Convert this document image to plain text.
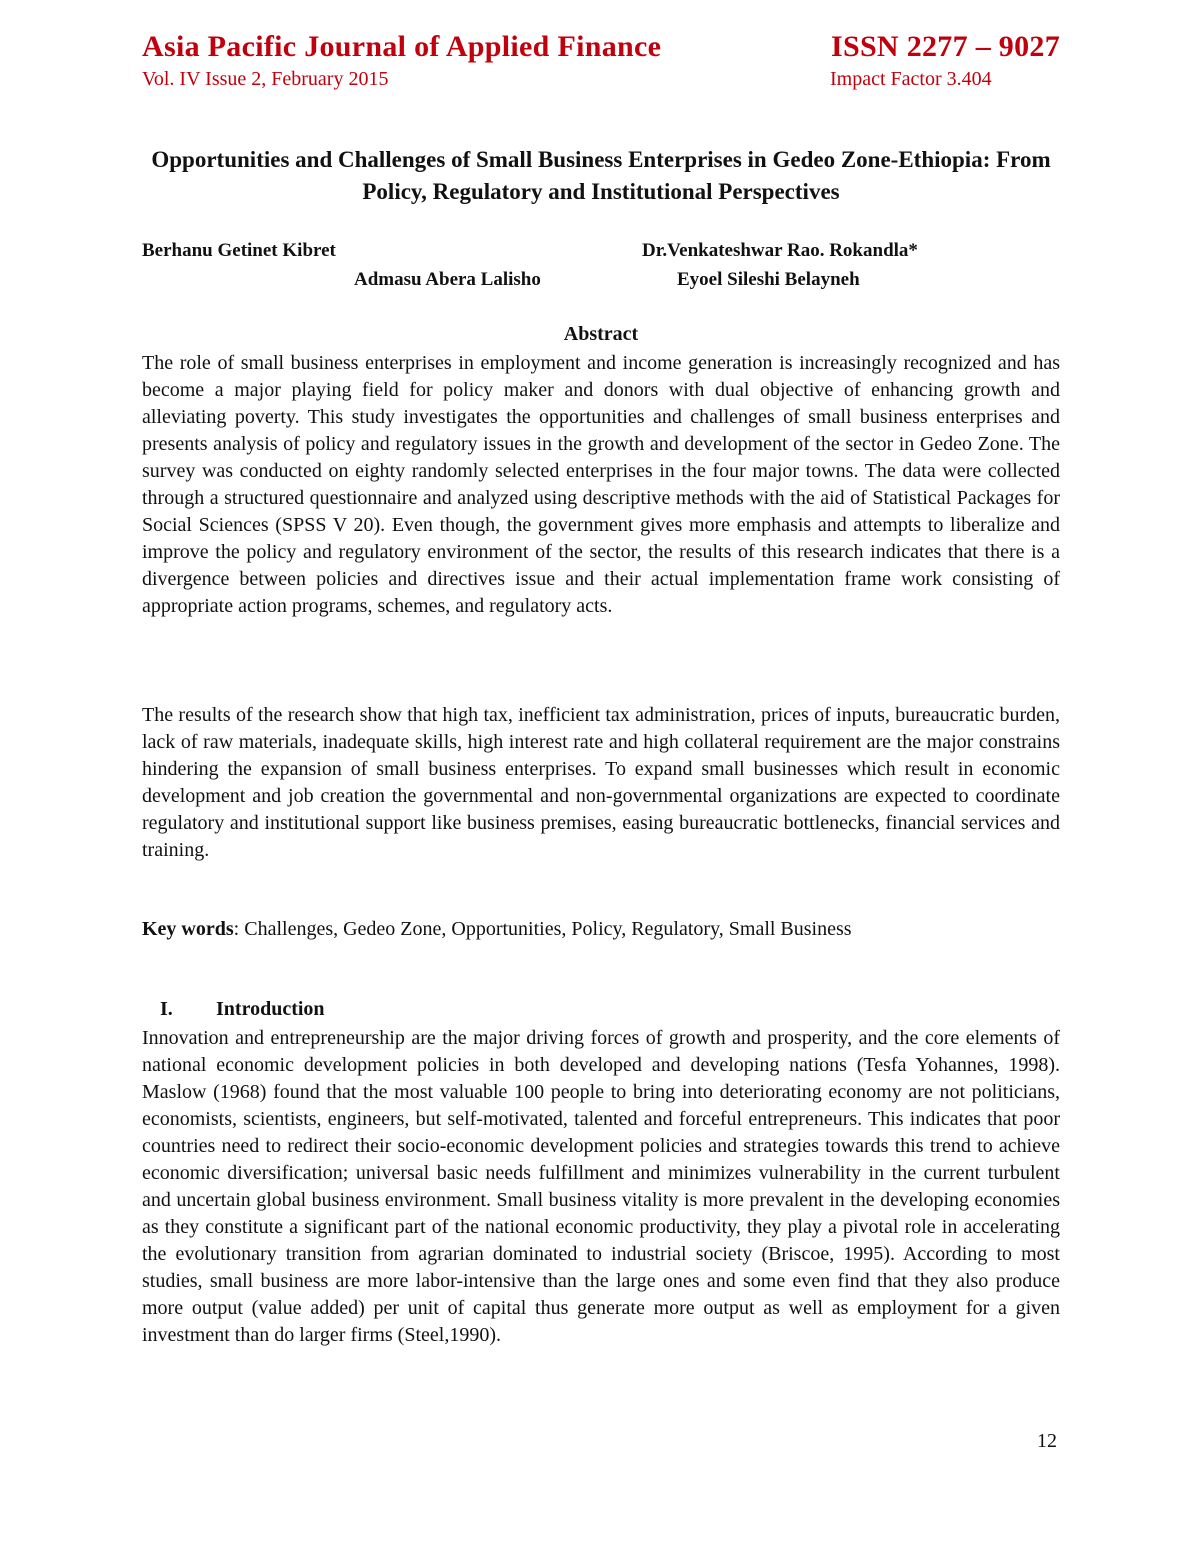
Asia Pacific Journal of Applied Finance	ISSN 2277 – 9027
Vol. IV Issue 2, February 2015	Impact Factor 3.404
Opportunities and Challenges of Small Business Enterprises in Gedeo Zone-Ethiopia: From Policy, Regulatory and Institutional Perspectives
Berhanu Getinet Kibret	Dr.Venkateshwar Rao. Rokandla*
Admasu Abera Lalisho	Eyoel Sileshi Belayneh
Abstract

The role of small business enterprises in employment and income generation is increasingly recognized and has become a major playing field for policy maker and donors with dual objective of enhancing growth and alleviating poverty. This study investigates the opportunities and challenges of small business enterprises and presents analysis of policy and regulatory issues in the growth and development of the sector in Gedeo Zone. The survey was conducted on eighty randomly selected enterprises in the four major towns. The data were collected through a structured questionnaire and analyzed using descriptive methods with the aid of Statistical Packages for Social Sciences (SPSS V 20). Even though, the government gives more emphasis and attempts to liberalize and improve the policy and regulatory environment of the sector, the results of this research indicates that there is a divergence between policies and directives issue and their actual implementation frame work consisting of appropriate action programs, schemes, and regulatory acts.

The results of the research show that high tax, inefficient tax administration, prices of inputs, bureaucratic burden, lack of raw materials, inadequate skills, high interest rate and high collateral requirement are the major constrains hindering the expansion of small business enterprises. To expand small businesses which result in economic development and job creation the governmental and non-governmental organizations are expected to coordinate regulatory and institutional support like business premises, easing bureaucratic bottlenecks, financial services and training.

Key words: Challenges, Gedeo Zone, Opportunities, Policy, Regulatory, Small Business

I. Introduction

Innovation and entrepreneurship are the major driving forces of growth and prosperity, and the core elements of national economic development policies in both developed and developing nations (Tesfa Yohannes, 1998). Maslow (1968) found that the most valuable 100 people to bring into deteriorating economy are not politicians, economists, scientists, engineers, but self-motivated, talented and forceful entrepreneurs. This indicates that poor countries need to redirect their socio-economic development policies and strategies towards this trend to achieve economic diversification; universal basic needs fulfillment and minimizes vulnerability in the current turbulent and uncertain global business environment. Small business vitality is more prevalent in the developing economies as they constitute a significant part of the national economic productivity, they play a pivotal role in accelerating the evolutionary transition from agrarian dominated to industrial society (Briscoe, 1995). According to most studies, small business are more labor-intensive than the large ones and some even find that they also produce more output (value added) per unit of capital thus generate more output as well as employment for a given investment than do larger firms (Steel,1990).

12
